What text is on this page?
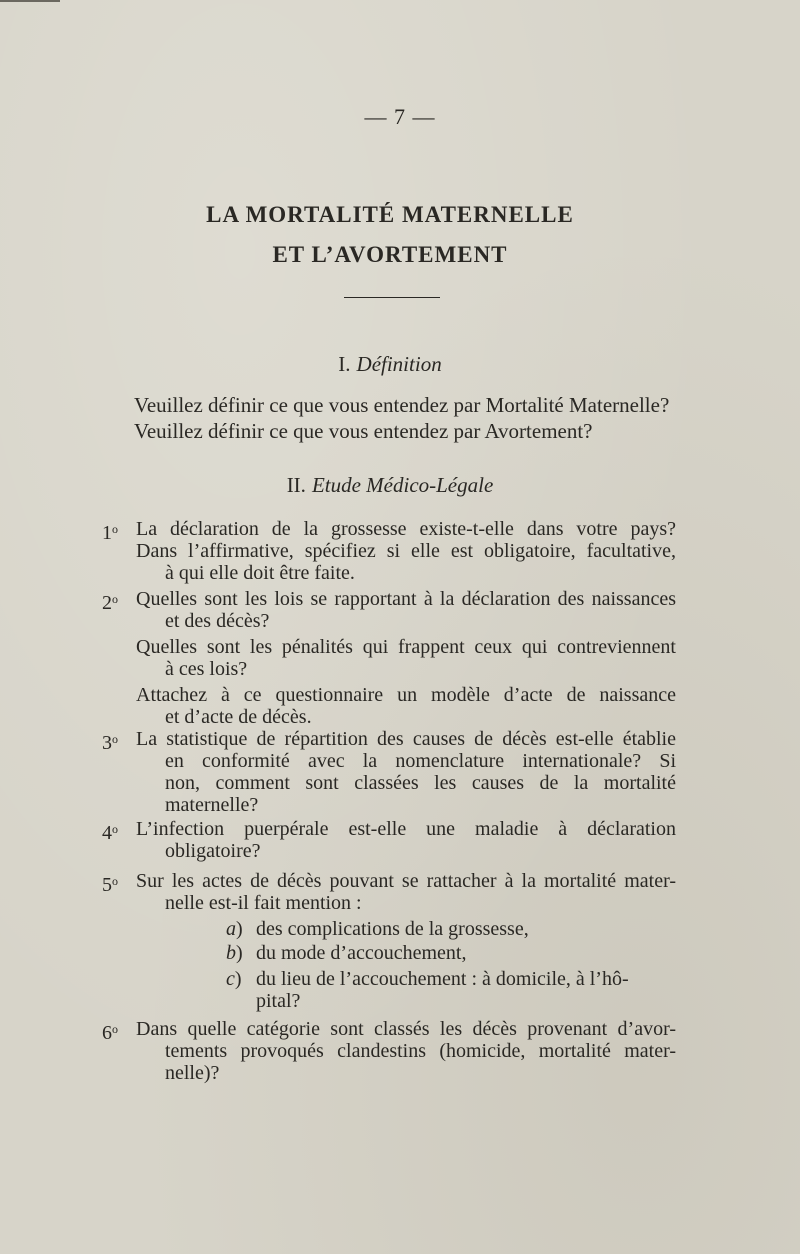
— 7 —
LA MORTALITÉ MATERNELLE
ET L’AVORTEMENT
I. Définition
Veuillez définir ce que vous entendez par Mortalité Maternelle?
Veuillez définir ce que vous entendez par Avortement?
II. Etude Médico-Légale
1$^o$ La déclaration de la grossesse existe-t-elle dans votre pays?
Dans l’affirmative, spécifiez si elle est obligatoire, facultative,
à qui elle doit être faite.
2$^o$ Quelles sont les lois se rapportant à la déclaration des naissances
et des décès?
Quelles sont les pénalités qui frappent ceux qui contreviennent
à ces lois?
Attachez à ce questionnaire un modèle d’acte de naissance
et d’acte de décès.
3$^o$ La statistique de répartition des causes de décès est-elle établie
en conformité avec la nomenclature internationale? Si
non, comment sont classées les causes de la mortalité
maternelle?
4$^o$ L’infection puerpérale est-elle une maladie à déclaration
obligatoire?
5$^o$ Sur les actes de décès pouvant se rattacher à la mortalité mater-
nelle est-il fait mention :
a) des complications de la grossesse,
b) du mode d’accouchement,
c) du lieu de l’accouchement : à domicile, à l’hô-
pital?
6$^o$ Dans quelle catégorie sont classés les décès provenant d’avor-
tements provoqués clandestins (homicide, mortalité mater-
nelle)?
